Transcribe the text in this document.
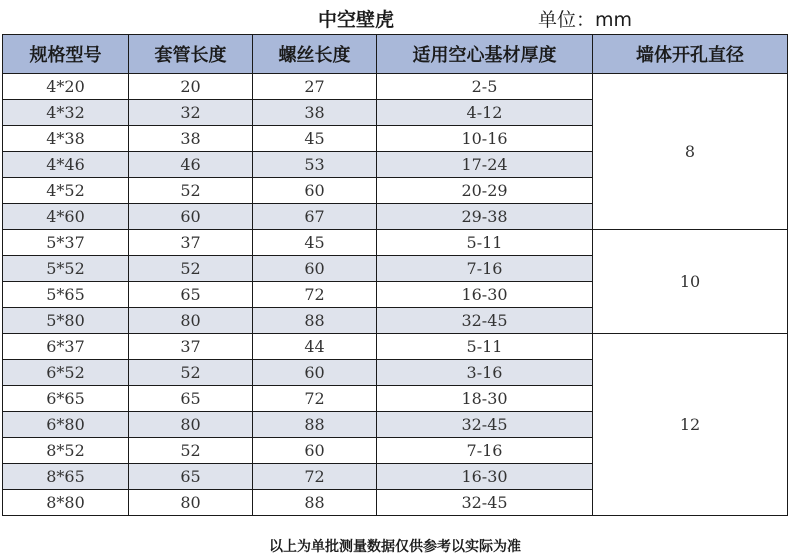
中空壁虎	单位：mm
规格型号	套管长度	螺丝长度	适用空心基材厚度	墙体开孔直径
4*20	20	27	2-5	8
4*32	32	38	4-12	
4*38	38	45	10-16	
4*46	46	53	17-24	
4*52	52	60	20-29	
4*60	60	67	29-38	
5*37	37	45	5-11	10
5*52	52	60	7-16	
5*65	65	72	16-30	
5*80	80	88	32-45	
6*37	37	44	5-11	12
6*52	52	60	3-16	
6*65	65	72	18-30	
6*80	80	88	32-45	
8*52	52	60	7-16	
8*65	65	72	16-30	
8*80	80	88	32-45	
以上为单批测量数据仅供参考以实际为准
